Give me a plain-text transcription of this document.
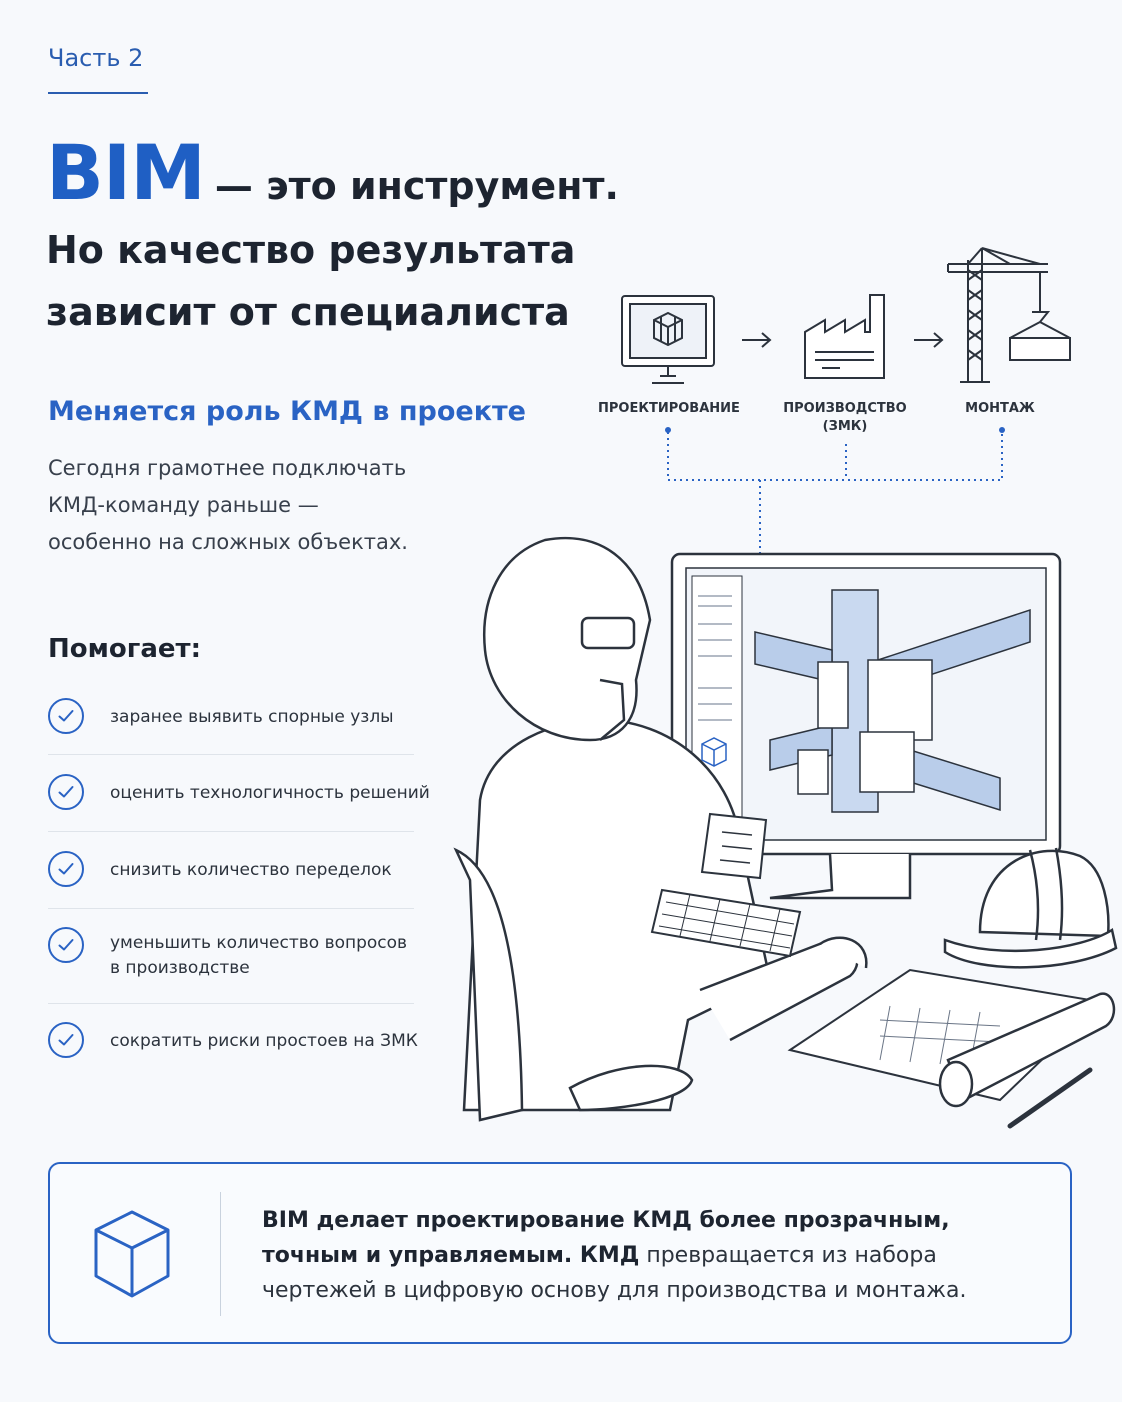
Часть 2
BIM — это инструмент.
Но качество результата
зависит от специалиста
Меняется роль КМД в проекте
Сегодня грамотнее подключать
КМД-команду раньше —
особенно на сложных объектах.
Помогает:
заранее выявить спорные узлы
оценить технологичность решений
снизить количество переделок
уменьшить количество вопросов
в производстве
сократить риски простоев на ЗМК
ПРОЕКТИРОВАНИЕ	ПРОИЗВОДСТВО
(ЗМК)
МОНТАЖ
BIM делает проектирование КМД более прозрачным,
точным и управляемым. КМД превращается из набора
чертежей в цифровую основу для производства и монтажа.
